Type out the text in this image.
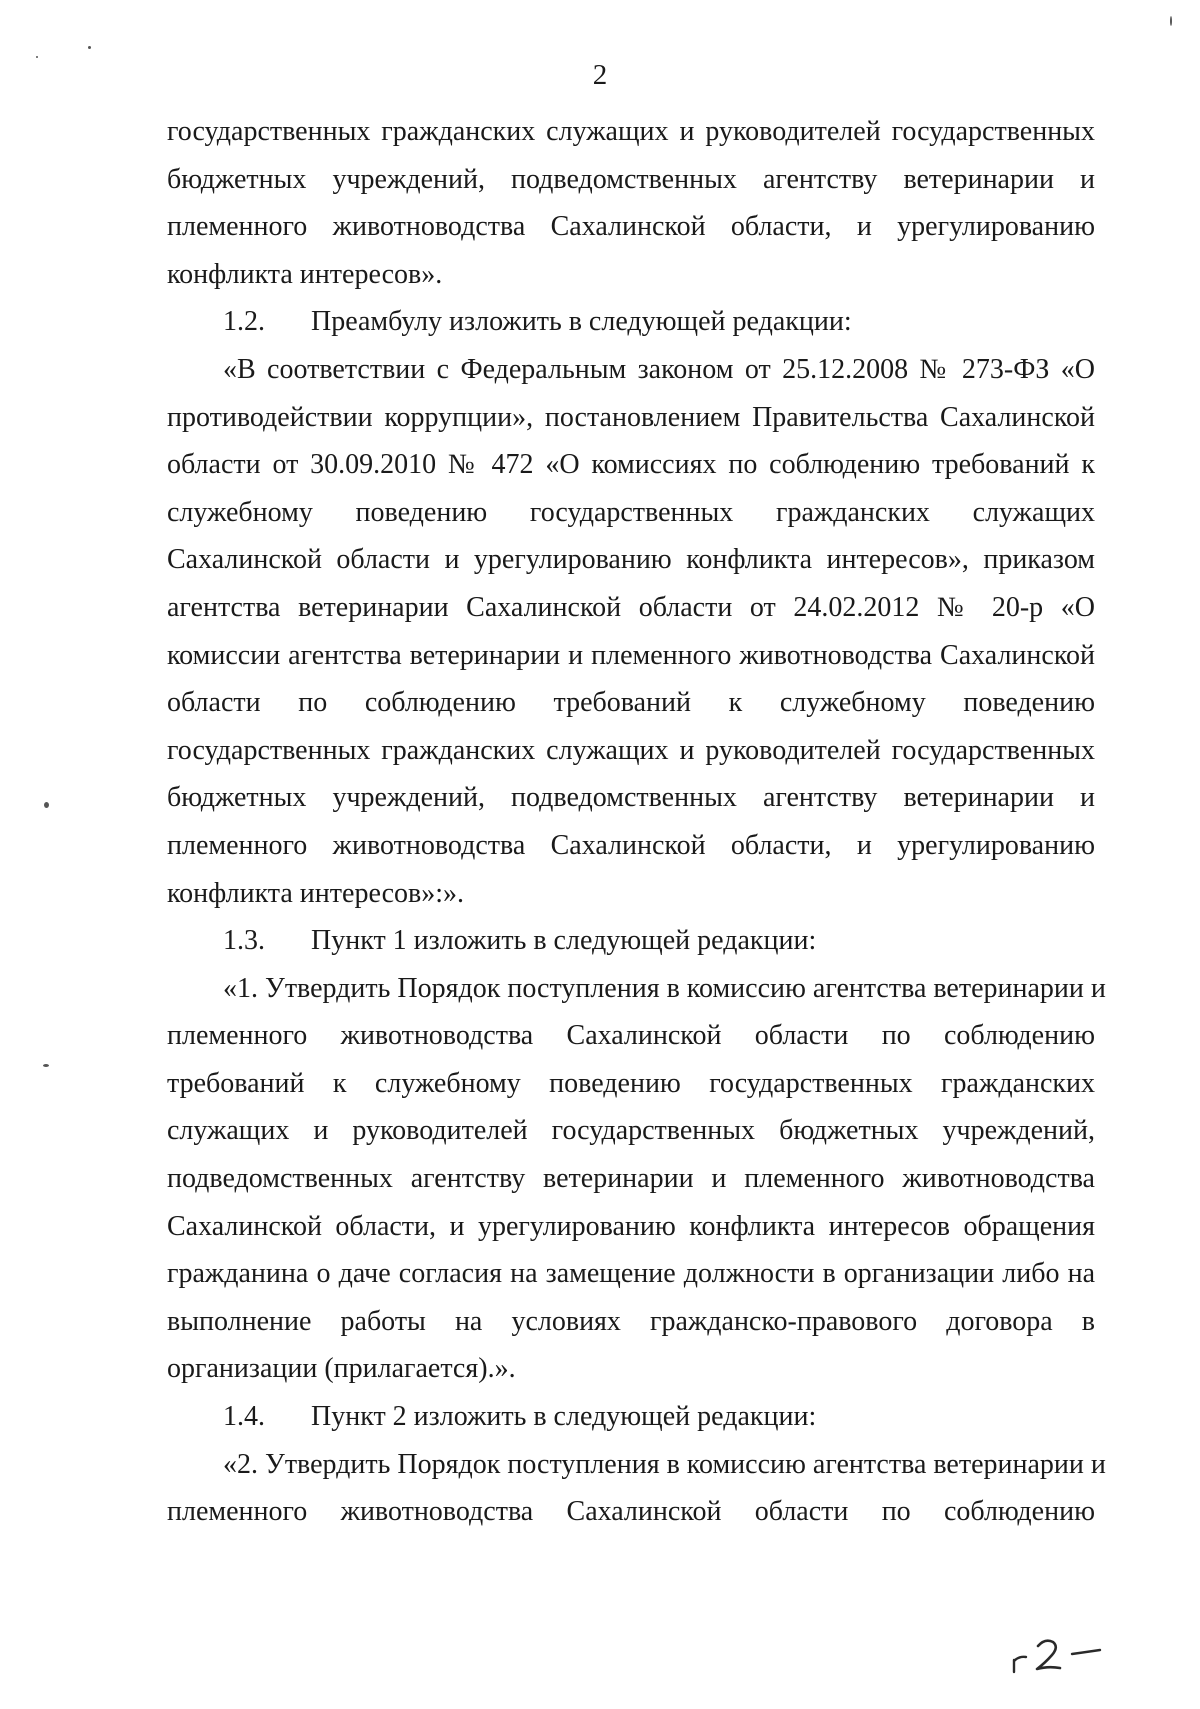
2
государственных гражданских служащих и руководителей государственных
бюджетных учреждений, подведомственных агентству ветеринарии и
племенного животноводства Сахалинской области, и урегулированию
конфликта интересов».
1.2. Преамбулу изложить в следующей редакции:
«В соответствии с Федеральным законом от 25.12.2008 № 273-ФЗ «О
противодействии коррупции», постановлением Правительства Сахалинской
области от 30.09.2010 № 472 «О комиссиях по соблюдению требований к
служебному поведению государственных гражданских служащих
Сахалинской области и урегулированию конфликта интересов», приказом
агентства ветеринарии Сахалинской области от 24.02.2012 № 20-р «О
комиссии агентства ветеринарии и племенного животноводства Сахалинской
области по соблюдению требований к служебному поведению
государственных гражданских служащих и руководителей государственных
бюджетных учреждений, подведомственных агентству ветеринарии и
племенного животноводства Сахалинской области, и урегулированию
конфликта интересов»:».
1.3. Пункт 1 изложить в следующей редакции:
«1. Утвердить Порядок поступления в комиссию агентства ветеринарии и
племенного животноводства Сахалинской области по соблюдению
требований к служебному поведению государственных гражданских
служащих и руководителей государственных бюджетных учреждений,
подведомственных агентству ветеринарии и племенного животноводства
Сахалинской области, и урегулированию конфликта интересов обращения
гражданина о даче согласия на замещение должности в организации либо на
выполнение работы на условиях гражданско-правового договора в
организации (прилагается).».
1.4. Пункт 2 изложить в следующей редакции:
«2. Утвердить Порядок поступления в комиссию агентства ветеринарии и
племенного животноводства Сахалинской области по соблюдению
